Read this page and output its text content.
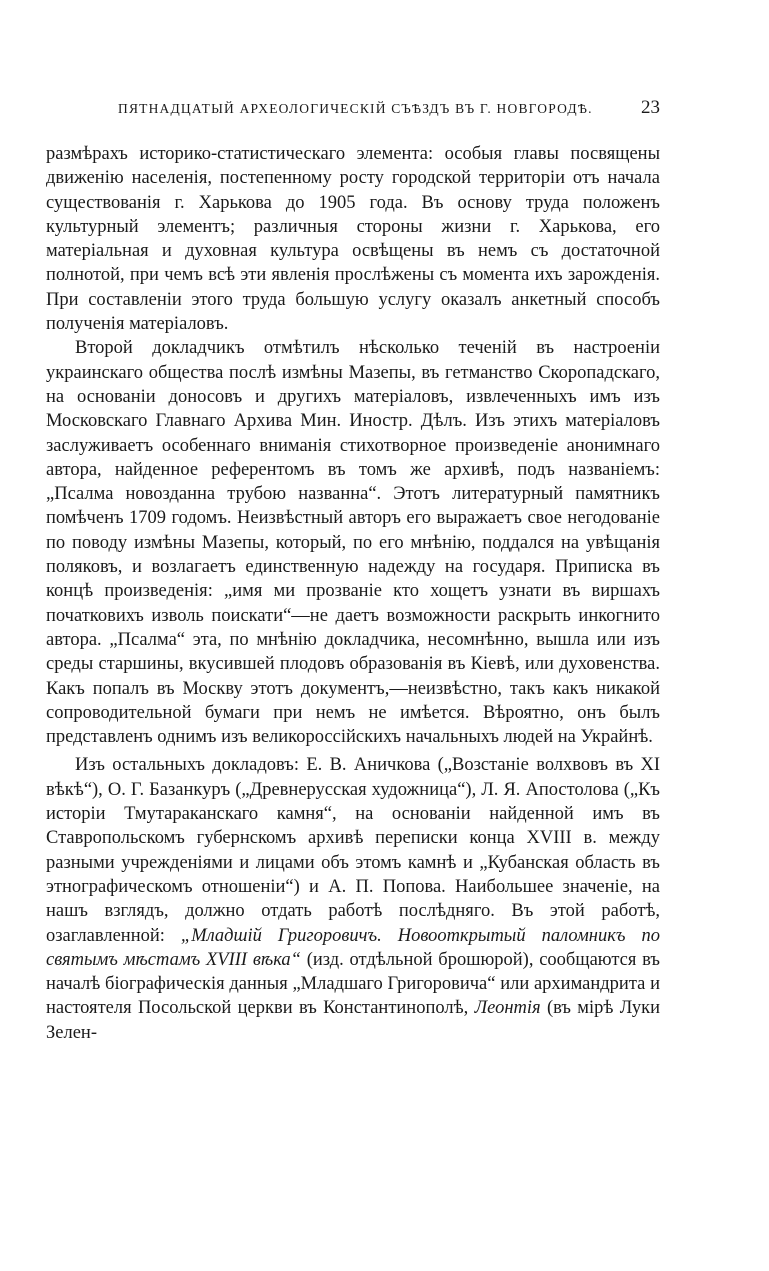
ПЯТНАДЦАТЫЙ АРХЕОЛОГИЧЕСКІЙ СЪѢЗДЪ ВЪ Г. НОВГОРОДѢ.	23

размѣрахъ историко-статистическаго элемента: особыя главы посвящены движенію населенія, постепенному росту городской территоріи отъ начала существованія г. Харькова до 1905 года. Въ основу труда положенъ культурный элементъ; различныя стороны жизни г. Харькова, его матеріальная и духовная культура освѣщены въ немъ съ достаточной полнотой, при чемъ всѣ эти явленія прослѣжены съ момента ихъ зарожденія. При составленіи этого труда большую услугу оказалъ анкетный способъ полученія матеріаловъ.

Второй докладчикъ отмѣтилъ нѣсколько теченій въ настроеніи украинскаго общества послѣ измѣны Мазепы, въ гетманство Скоропадскаго, на основаніи доносовъ и другихъ матеріаловъ, извлеченныхъ имъ изъ Московскаго Главнаго Архива Мин. Иностр. Дѣлъ. Изъ этихъ матеріаловъ заслуживаетъ особеннаго вниманія стихотворное произведеніе анонимнаго автора, найденное референтомъ въ томъ же архивѣ, подъ названіемъ: „Псалма новозданна трубою названна“. Этотъ литературный памятникъ помѣченъ 1709 годомъ. Неизвѣстный авторъ его выражаетъ свое негодованіе по поводу измѣны Мазепы, который, по его мнѣнію, поддался на увѣщанія поляковъ, и возлагаетъ единственную надежду на государя. Приписка въ концѣ произведенія: „имя ми прозваніе кто хощетъ узнати въ виршахъ початковихъ изволь поискати“—не даетъ возможности раскрыть инкогнито автора. „Псалма“ эта, по мнѣнію докладчика, несомнѣнно, вышла или изъ среды старшины, вкусившей плодовъ образованія въ Кіевѣ, или духовенства. Какъ попалъ въ Москву этотъ документъ,—неизвѣстно, такъ какъ никакой сопроводительной бумаги при немъ не имѣется. Вѣроятно, онъ былъ представленъ однимъ изъ великороссійскихъ начальныхъ людей на Украйнѣ.

Изъ остальныхъ докладовъ: Е. В. Аничкова („Возстаніе волхвовъ въ XI вѣкѣ“), О. Г. Базанкуръ („Древнерусская художница“), Л. Я. Апостолова („Къ исторіи Тмутараканскаго камня“, на основаніи найденной имъ въ Ставропольскомъ губернскомъ архивѣ переписки конца XVIII в. между разными учрежденіями и лицами объ этомъ камнѣ и „Кубанская область въ этнографическомъ отношеніи“) и А. П. Попова. Наибольшее значеніе, на нашъ взглядъ, должно отдать работѣ послѣдняго. Въ этой работѣ, озаглавленной: „Младшій Григоровичъ. Новооткрытый паломникъ по святымъ мѣстамъ XVIII вѣка“ (изд. отдѣльной брошюрой), сообщаются въ началѣ біографическія данныя „Младшаго Григоровича“ или архимандрита и настоятеля Посольской церкви въ Константинополѣ, Леонтія (въ мірѣ Луки Зелен-
